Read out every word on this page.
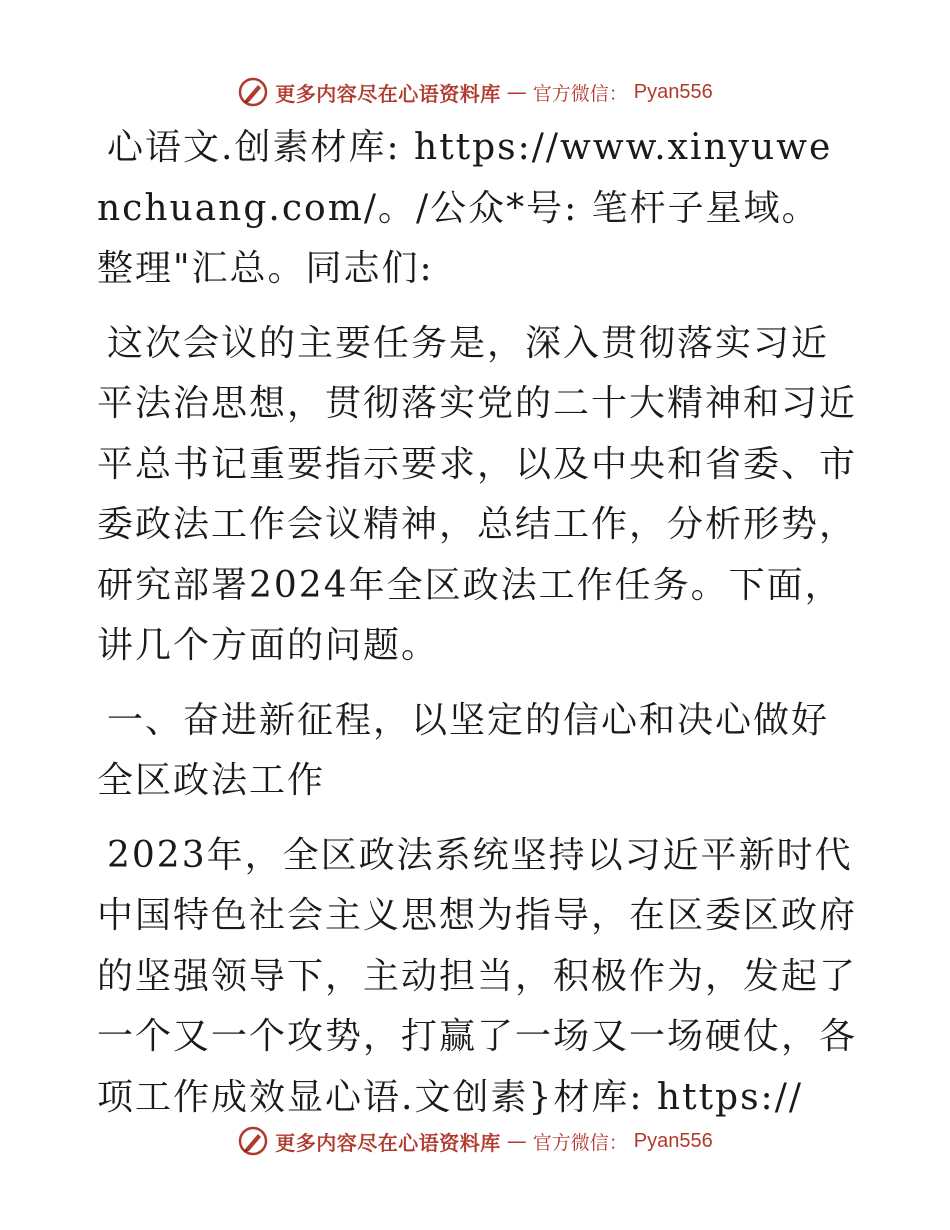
更多内容尽在心语资料库 — 官方微信： Pyan556

心语文.创素材库: https://www.xinyuwenchuang.com/。/公众*号: 笔杆子星域。整理"汇总。同志们:

这次会议的主要任务是，深入贯彻落实习近平法治思想，贯彻落实党的二十大精神和习近平总书记重要指示要求，以及中央和省委、市委政法工作会议精神，总结工作，分析形势，研究部署2024年全区政法工作任务。下面，讲几个方面的问题。

一、奋进新征程，以坚定的信心和决心做好全区政法工作

2023年，全区政法系统坚持以习近平新时代中国特色社会主义思想为指导，在区委区政府的坚强领导下，主动担当，积极作为，发起了一个又一个攻势，打赢了一场又一场硬仗，各项工作成效显心语.文创素}材库: https://

更多内容尽在心语资料库 — 官方微信： Pyan556
